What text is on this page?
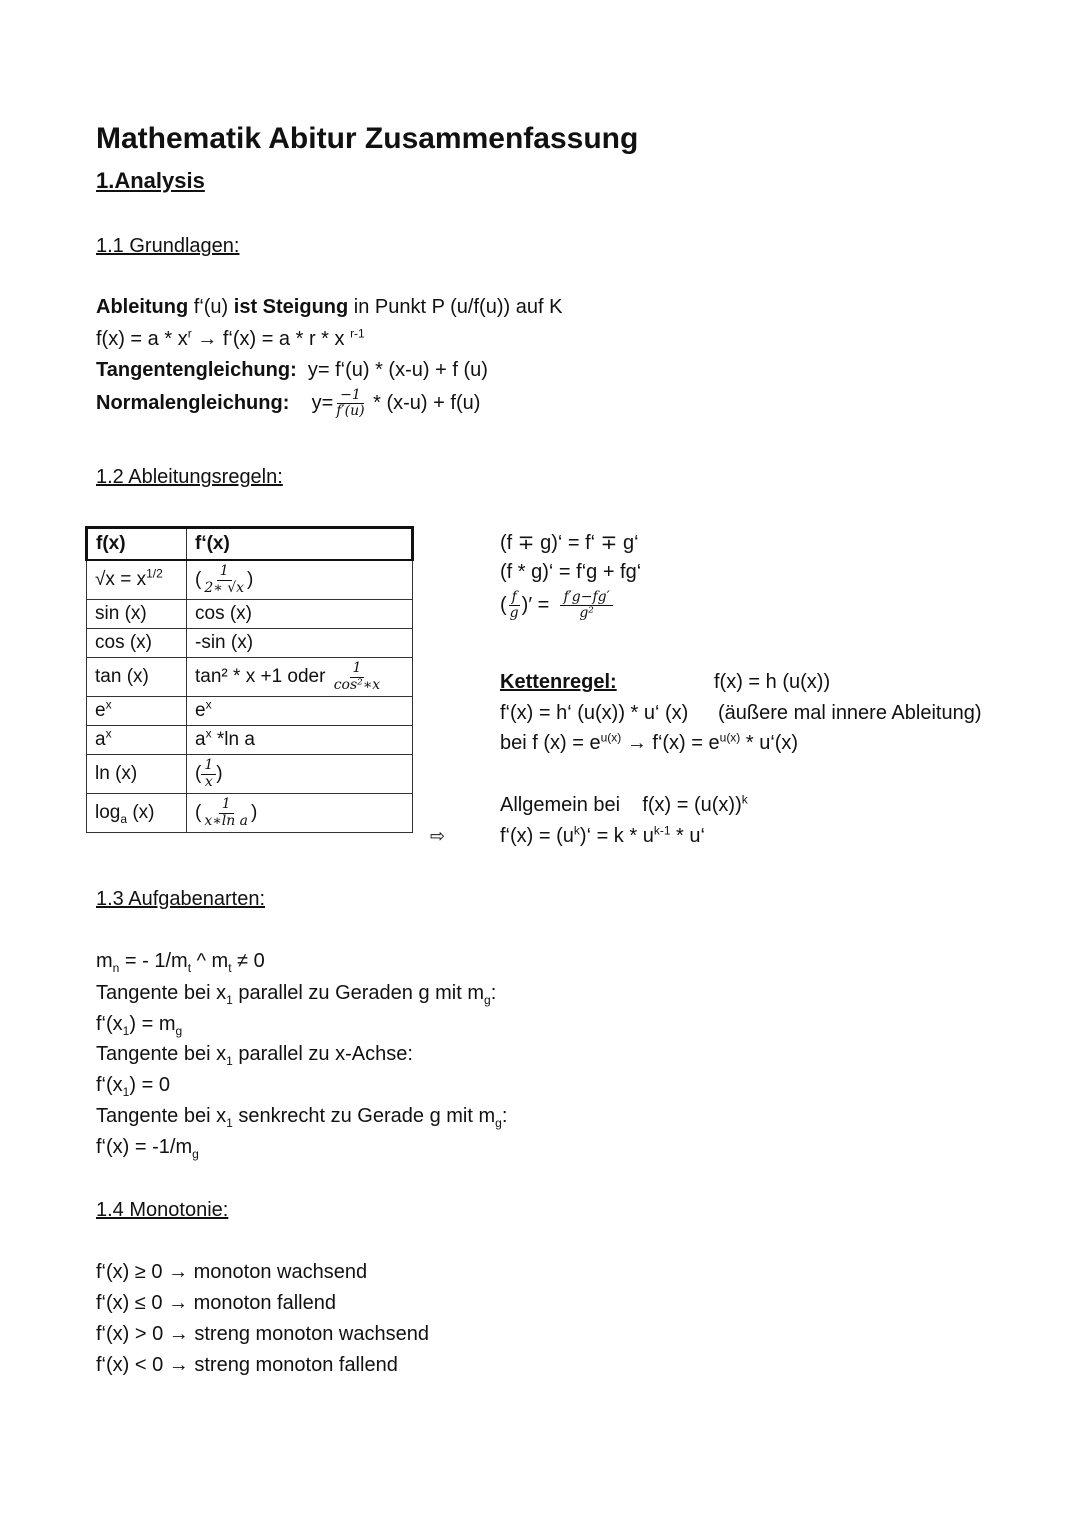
Mathematik Abitur Zusammenfassung
1.Analysis
1.1 Grundlagen:
Ableitung f‘(u) ist Steigung in Punkt P (u/f(u)) auf K
$f(x) = a * x^r$ → f‘(x) = a * r * x $^{r-1}$
Tangentengleichung: y= f‘(u) * (x-u) + f (u)
Normalengleichung: $y= \frac{-1}{f'(u)} * (x-u) + f(u)$
1.2 Ableitungsregeln:
f(x)	f‘(x)
$√x = x^{1/2}$	( $\frac{1}{2∗ √x}$ )
sin (x)	cos (x)
cos (x)	-sin (x)
tan (x)	tan² * x +1 oder $\frac{1}{\text{cos²∗x}}$

$e^x$	$e^x$
$a^x$	$a^x$ *ln a
ln (x)	( $\frac{1}{x}$ )
$\log_a (x)$	( $\frac{1}{\text{x∗ln a}}$ )
(f ∓ g)‘ = f‘ ∓ g‘
(f * g)‘ = f‘g + fg‘
( $\frac{f}{g}$ )′ = $\frac{f'g-fg'}{\text{g²}}$
Kettenregel:	f(x) = h (u(x))
f‘(x) = h‘ (u(x)) * u‘ (x) (äußere mal innere Ableitung)
bei f $(x) = e^{u(x)}$ → f‘(x) = $e^{u(x)}$ * u‘(x)
Allgemein bei $f(x) = (u(x))^k$
⇨	f‘(x) = $(u^k)‘ = k * u^{k-1}$ * u‘
1.3 Aufgabenarten:
$m_n$ = - $1/m_t$ ^ $m_t \ne 0$
Tangente bei $x_1$ parallel zu Geraden g mit $m_g$:
$f‘(x_1) = m_g$
Tangente bei $x_1$ parallel zu x-Achse:
$f‘(x_1) = 0$
Tangente bei $x_1$ senkrecht zu Gerade g mit $m_g$:
f‘(x) = $-1/m_g$
1.4 Monotonie:
f‘(x) ≥ 0 → monoton wachsend
f‘(x) ≤ 0 → monoton fallend
f‘(x) > 0 → streng monoton wachsend
f‘(x) < 0 → streng monoton fallend
